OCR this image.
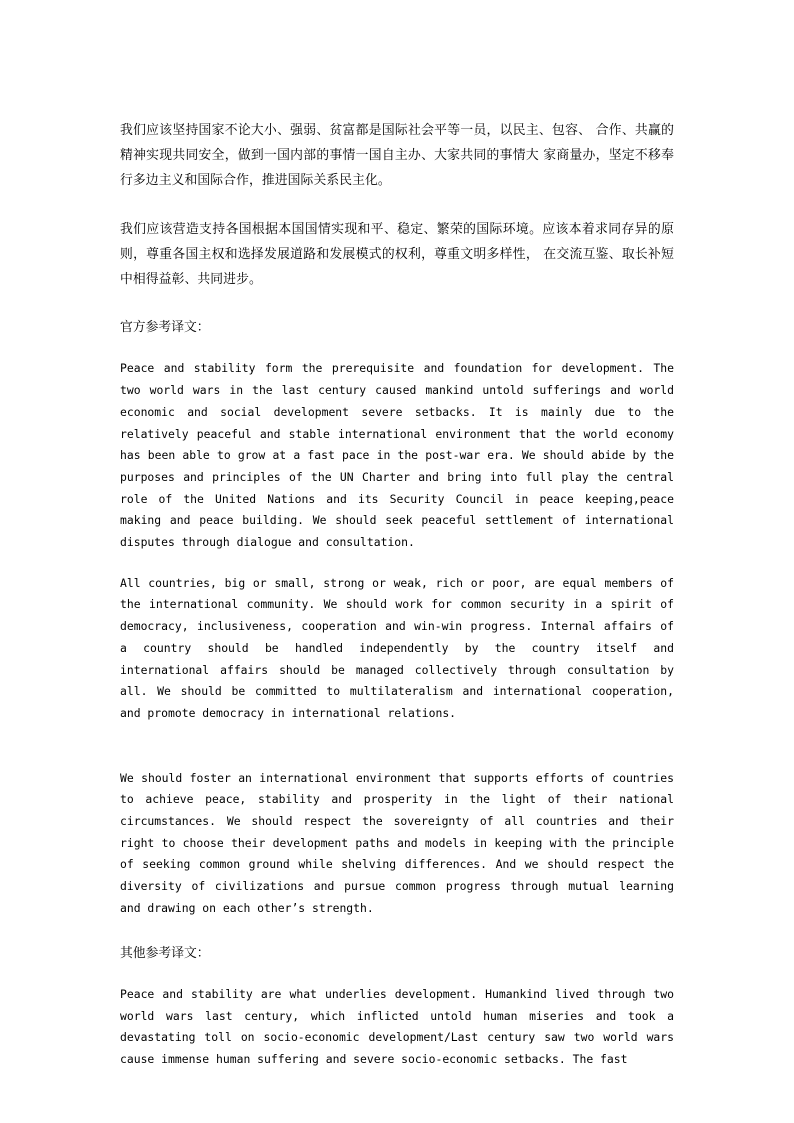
我们应该坚持国家不论大小、强弱、贫富都是国际社会平等一员，以民主、包容、 合作、共赢的精神实现共同安全，做到一国内部的事情一国自主办、大家共同的事情大 家商量办，坚定不移奉行多边主义和国际合作，推进国际关系民主化。

我们应该营造支持各国根据本国国情实现和平、稳定、繁荣的国际环境。应该本着求同存异的原则，尊重各国主权和选择发展道路和发展模式的权利，尊重文明多样性， 在交流互鉴、取长补短中相得益彰、共同进步。

官方参考译文：

Peace and stability form the prerequisite and foundation for development. The two world wars in the last century caused mankind untold sufferings and world economic and social development severe setbacks. It is mainly due to the relatively peaceful and stable international environment that the world economy has been able to grow at a fast pace in the post-war era. We should abide by the purposes and principles of the UN Charter and bring into full play the central role of the United Nations and its Security Council in peace keeping,peace making and peace building. We should seek peaceful settlement of international disputes through dialogue and consultation.

All countries, big or small, strong or weak, rich or poor, are equal members of the international community. We should work for common security in a spirit of democracy, inclusiveness, cooperation and win-win progress. Internal affairs of a country should be handled independently by the country itself and international affairs should be managed collectively through consultation by all. We should be committed to multilateralism and international cooperation, and promote democracy in international relations.

We should foster an international environment that supports efforts of countries to achieve peace, stability and prosperity in the light of their national circumstances. We should respect the sovereignty of all countries and their right to choose their development paths and models in keeping with the principle of seeking common ground while shelving differences. And we should respect the diversity of civilizations and pursue common progress through mutual learning and drawing on each other’s strength.

其他参考译文：

Peace and stability are what underlies development. Humankind lived through two world wars last century, which inflicted untold human miseries and took a devastating toll on socio-economic development/Last century saw two world wars cause immense human suffering and severe socio-economic setbacks. The fast
